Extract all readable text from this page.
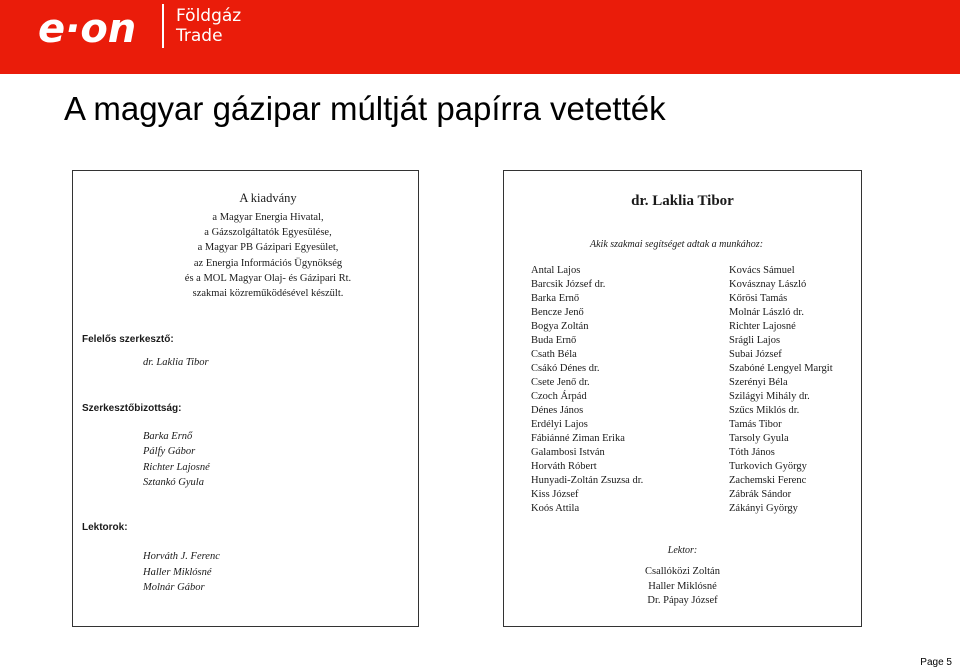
e·on Földgáz
Trade
A magyar gázipar múltját papírra vetették
A kiadvány
a Magyar Energia Hivatal,
a Gázszolgáltatók Egyesülése,
a Magyar PB Gázipari Egyesület,
az Energia Információs Ügynökség
és a MOL Magyar Olaj- és Gázipari Rt.
szakmai közreműködésével készült.
Felelős szerkesztő:
dr. Laklia Tibor
Szerkesztőbizottság:
Barka Ernő
Pálfy Gábor
Richter Lajosné
Sztankó Gyula
Lektorok:
Horváth J. Ferenc
Haller Miklósné
Molnár Gábor
dr. Laklia Tibor
Akik szakmai segítséget adtak a munkához:
Antal Lajos
Barcsik József dr.
Barka Ernő
Bencze Jenő
Bogya Zoltán
Buda Ernő
Csath Béla
Csákó Dénes dr.
Csete Jenő dr.
Czoch Árpád
Dénes János
Erdélyi Lajos
Fábiánné Ziman Erika
Galambosi István
Horváth Róbert
Hunyadi-Zoltán Zsuzsa dr.
Kiss József
Koós Attila
Kovács Sámuel
Kovásznay László
Kőrösi Tamás
Molnár László dr.
Richter Lajosné
Srágli Lajos
Subai József
Szabóné Lengyel Margit
Szerényi Béla
Szilágyi Mihály dr.
Szűcs Miklós dr.
Tamás Tibor
Tarsoly Gyula
Tóth János
Turkovich György
Zachemski Ferenc
Zábrák Sándor
Zákányi György
Lektor:
Csallóközi Zoltán
Haller Miklósné
Dr. Pápay József
Page 5
